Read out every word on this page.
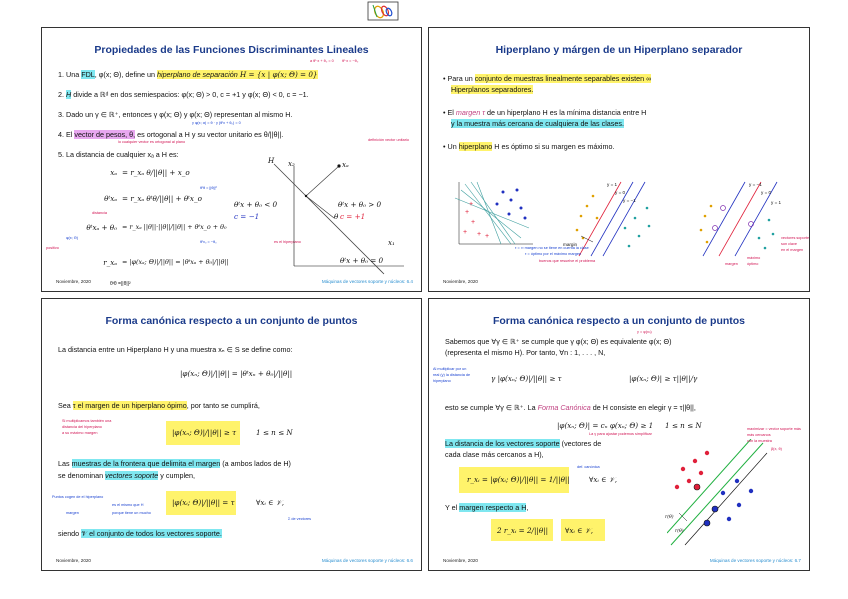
Propiedades de las Funciones Discriminantes Lineales
a θᵗ·x + θ₀ = 0 θᵗ·x = −θ₀
1. Una FDL, φ(x; Θ), define un hiperplano de separación H = {x | φ(x; Θ) = 0}
2. H divide a ℝᵈ en dos semiespacios: φ(x; Θ) > 0, c = +1 y φ(x; Θ) < 0, c = −1.
3. Dado un γ ∈ ℝ⁺, entonces γ φ(x; Θ) y φ(x; Θ) representan al mismo H.
γ φ(x; α) = θ · γ (θᵗx + θ₀) = 0
4. El vector de pesos, θ, es ortogonal a H y su vector unitario es θ/||θ||.
lo cualquier vector es ortogonal al plano	definición vector unitario
5. La distancia de cualquier xₐ a H es:
xₐ = r_xₐ θ/||θ|| + x_o
θᵗxₐ = r_xₐ θᵗθ/||θ|| + θᵗx_o
θᵗxₐ + θ₀ = r_xₐ ||θ||·||θ||/||θ|| + θᵗx_o + θ₀
r_xₐ = |φ(xₐ; Θ)|/||θ|| = |θᵗxₐ + θ₀|/||θ||
distancia
positivo
φ(x; Θ)
es el hiperplano
θᵗθ = ||θ||²
θᵗx₀ = −θ₀
H x₂	xₐ
θ
θᵗx + θ₀ < 0
c = −1
θᵗx + θ₀ > 0
c = +1
x₁
θᵗx + θ₀ = 0
Noviembre, 2020	θᵗθ =||θ||²	Máquinas de vectores soporte y núcleos: 6.4
Hiperplano y márgen de un Hiperplano separador
• Para un conjunto de muestras linealmente separables existen ∞
Hiperplanos separadores.
• El margen τ de un hiperplano H es la mínima distancia entre H
y la muestra más cercana de cualquiera de las clases.
• Un hiperplano H es óptimo si su margen es máximo.
+
+
+ + +
+
y = 1
y = 0
y = −1
margin
y = −1
y = 0
y = 1
τ = ∞ margen no se tiene en cuenta la clase
τ = óptimo por el máximo margen
buenos que resuelve el problema
margen
máximo
óptimo
vectores soporte
son clave
en el margen
Noviembre, 2020
Forma canónica respecto a un conjunto de puntos
La distancia entre un Hiperplano H y una muestra xₙ ∈ S se define como:
|φ(xₙ; Θ)|/||θ|| = |θᵗxₙ + θ₀|/||θ||
Sea τ el margen de un hiperplano ópimo, por tanto se cumplirá,
|φ(xₙ; Θ)|/||θ|| ≥ τ	1 ≤ n ≤ N
Si multiplicamos también una
distancia del hiperplano
a su máximo margen
Las muestras de la frontera que delimita el margen (a ambos lados de H)
se denominan vectores soporte y cumplen,
|φ(xᵢ; Θ)|/||θ|| = τ	∀xᵢ ∈ 𝒱,
Puntos cogen de el hiperplano
es el mismo que H
margen	porque tiene un mucho
Σ de vectores
siendo 𝒱 el conjunto de todos los vectores soporte.
Noviembre, 2020	Máquinas de vectores soporte y núcleos: 6.6
Forma canónica respecto a un conjunto de puntos
Sabemos que ∀γ ∈ ℝ⁺ se cumple que γ φ(x; Θ) es equivalente φ(x; Θ)
(representa el mismo H). Por tanto, ∀n : 1, . . . , N,
γ = φ(xₙ)
Al multiplicar por un
real (γ) la distancia de
hiperplano	γ |φ(xₙ; Θ)|/||θ|| ≥ τ	|φ(xₙ; Θ)| ≥ τ||θ||/γ
esto se cumple ∀γ ∈ ℝ⁺. La Forma Canónica de H consiste en elegir γ = τ||θ||,
|φ(xₙ; Θ)| = cₙ φ(xₙ; Θ) ≥ 1 1 ≤ n ≤ N
La γ para ajustar podemos simplificar
La distancia de los vectores soporte (vectores de
cada clase más cercanos a H),
r_xᵢ = |φ(xᵢ; Θ)|/||θ|| = 1/||θ||	∀xᵢ ∈ 𝒱,
def. canónica
Y el margen respecto a H,
2 r_xᵢ = 2/||θ|| ∀xᵢ ∈ 𝒱,
r(θ)
r(θ)
maximizar = vector soporte más
más cercanos
con la muestra
β(x, θ)
Noviembre, 2020	Máquinas de vectores soporte y núcleos: 6.7
